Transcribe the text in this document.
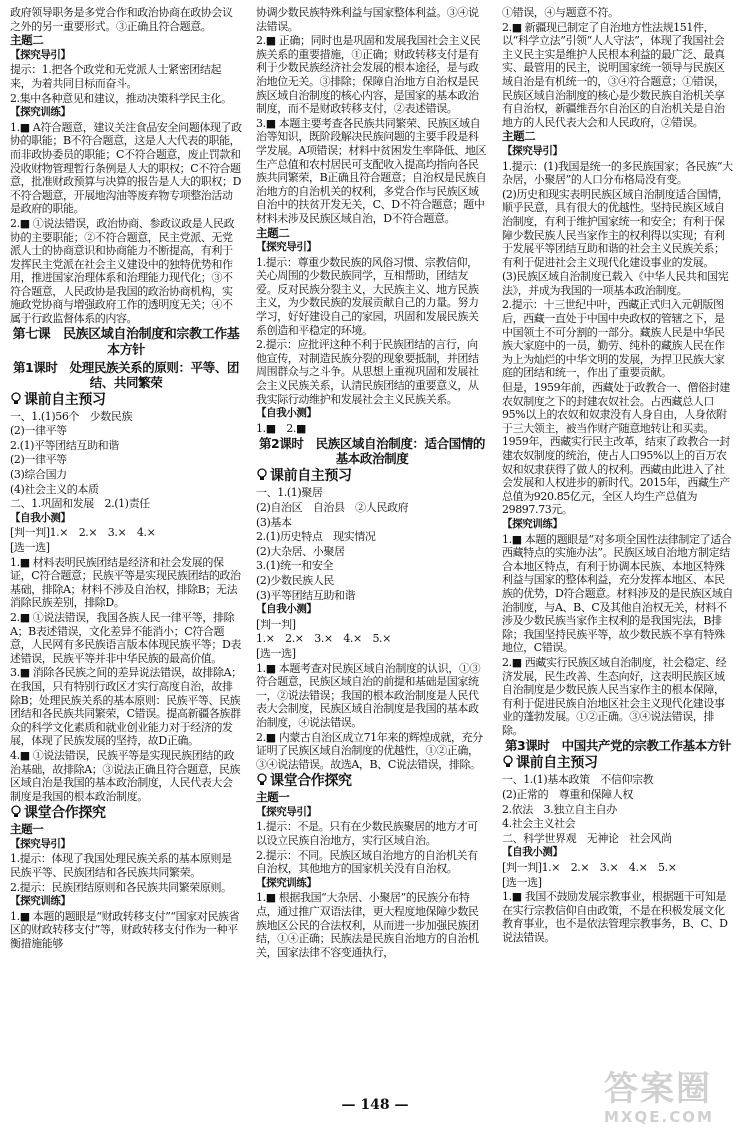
政府领导职务是多党合作和政治协商在政协会议之外的另一重要形式。③正确且符合题意。

主题二

【探究导引】

提示：1.把各个政党和无党派人士紧密团结起来，为着共同目标而奋斗。

2.集中各种意见和建议，推动决策科学民主化。

【探究训练】

1.■ A符合题意，建议关注食品安全问题体现了政协的职能；B不符合题意，这是人大代表的职能，而非政协委员的职能；C不符合题意，废止罚款和没收财物管理暂行条例是人大的职权；C不符合题意，批准财政预算与决算的报告是人大的职权；D不符合题意，开展地沟油等废弃物专项整治活动是政府的职能。

2.■ ①说法错误，政治协商、参政议政是人民政协的主要职能；②不符合题意，民主党派、无党派人士的协商意识和协商能力不断提高，有利于发挥民主党派在社会主义建设中的独特优势和作用，推进国家治理体系和治理能力现代化；③不符合题意，人民政协是我国的政治协商机构，实施政党协商与增强政府工作的透明度无关；④不属于行政监督体系的内容。

第七课　民族区域自治制度和宗教工作基本方针

第1课时　处理民族关系的原则：平等、团结、共同繁荣

课前自主预习

一、1.(1)56个　少数民族

(2)一律平等

2.(1)平等团结互助和谐

(2)一律平等

(3)综合国力

(4)社会主义的本质

二、1.巩固和发展　2.(1)责任

【自我小测】

[判一判]1.×　2.×　3.×　4.×

[选一选]

1.■ 材料表明民族团结是经济和社会发展的保证，C符合题意；民族平等是实现民族团结的政治基础，排除A；材料不涉及自治权，排除B；无法消除民族差别，排除D。

2.■ ①说法错误，我国各族人民一律平等，排除A；B表述错误，文化差异不能消小；C符合题意，人民网有多民族语言版本体现民族平等；D表述错误，民族平等并非中华民族的最高价值。

3.■ 消除各民族之间的差异说法错误，故排除A；在我国，只有特别行政区才实行高度自治，故排除B；处理民族关系的基本原则：民族平等、民族团结和各民族共同繁荣，C错误。提高新疆各族群众的科学文化素质和就业创业能力对于经济的发展，体现了民族发展的坚持，故D正确。

4.■ ①说法错误，民族平等是实现民族团结的政治基础，故排除A；③说法正确且符合题意，民族区域自治是我国的基本政治制度，人民代表大会制度是我国的根本政治制度。

课堂合作探究

主题一

【探究导引】

1.提示：体现了我国处理民族关系的基本原则是民族平等、民族团结和各民族共同繁荣。

2.提示：民族团结原则和各民族共同繁荣原则。

【探究训练】

1.■ 本题的题眼是“财政转移支付”“国家对民族省区的财政转移支付”等，财政转移支付作为一种平衡措施能够

协调少数民族特殊利益与国家整体利益。③④说法错误。

2.■ 正确；同时也是巩固和发展我国社会主义民族关系的重要措施，①正确；财政转移支付是有利于少数民族经济社会发展的根本途径，是与政治地位无关。③排除；保障自治地方自治权是民族区域自治制度的核心内容，是国家的基本政治制度，而不是财政转移支付，②表述错误。

3.■ 本题主要考查各民族共同繁荣、民族区域自治等知识，既阶段解决民族问题的主要手段是科学发展。A项错误；材料中贫困发生率降低、地区生产总值和农村居民可支配收入提高均指向各民族共同繁荣，B正确且符合题意；自治权是民族自治地方的自治机关的权利，多党合作与民族区域自治中的扶贫开发无关，C、D不符合题意；题中材料未涉及民族区域自治，D不符合题意。

主题二

【探究导引】

1.提示：尊重少数民族的风俗习惯、宗教信仰，关心周围的少数民族同学，互相帮助，团结友爱。反对民族分裂主义，大民族主义、地方民族主义，为少数民族的发展贡献自己的力量。努力学习，好好建设自己的家园，巩固和发展民族关系创造和平稳定的环境。

2.提示：应批评这种不利于民族团结的言行，向他宣传，对制造民族分裂的现象要抵制，并团结周围群众与之斗争。从思想上重视巩固和发展社会主义民族关系，认清民族团结的重要意义，从我实际行动维护和发展社会主义民族关系。

【自我小测】

1.■　2.■

第2课时　民族区域自治制度：适合国情的基本政治制度

课前自主预习

一、1.(1)聚居

(2)自治区　自治县　②人民政府

(3)基本

2.(1)历史特点　现实情况

(2)大杂居、小聚居

3.(1)统一和安全

(2)少数民族人民

(3)平等团结互助和谐

【自我小测】

[判一判]

1.×　2.×　3.×　4.×　5.×

[选一选]

1.■ 本题考查对民族区域自治制度的认识，①③符合题意，民族区域自治的前提和基础是国家统一，②说法错误；我国的根本政治制度是人民代表大会制度，民族区域自治制度是我国的基本政治制度，④说法错误。

2.■ 内蒙古自治区成立71年来的辉煌成就，充分证明了民族区域自治制度的优越性，①②正确，③④说法错误。故选A，B、C说法错误，排除。

课堂合作探究

主题一

【探究导引】

1.提示：不是。只有在少数民族聚居的地方才可以设立民族自治地方，实行区域自治。

2.提示：不同。民族区域自治地方的自治机关有自治权，其他地方的国家机关没有自治权。

【探究训练】

1.■ 根据我国“大杂居、小聚居”的民族分布特点，通过推广双语法律，更大程度地保障少数民族地区公民的合法权利，从而进一步加强民族团结，①④正确；民族法是民族自治地方的自治机关，国家法律不容变通执行，

①错误，④与题意不符。

2.■ 新疆现已制定了自治地方性法规151件，以“科学立法”引领“人人守法”，体现了我国社会主义民主实是维护人民根本利益的最广泛、最真实、最管用的民主，说明国家统一领导与民族区域自治是有机统一的，③④符合题意；①错误，民族区域自治制度的核心是少数民族自治机关享有自治权，新疆维吾尔自治区的自治机关是自治地方的人民代表大会和人民政府，②错误。

主题二

【探究导引】

1.提示：(1)我国是统一的多民族国家；各民族“大杂居，小聚居”的人口分布格局没有变。

(2)历史和现实表明民族区域自治制度适合国情，顺乎民意，具有很大的优越性。坚持民族区域自治制度，有利于维护国家统一和安全；有利于保障少数民族人民当家作主的权利得以实现；有利于发展平等团结互助和谐的社会主义民族关系；有利于促进社会主义现代化建设事业的发展。

(3)民族区域自治制度已载入《中华人民共和国宪法》，并成为我国的一项基本政治制度。

2.提示：十三世纪中叶，西藏正式归入元朝版图后，西藏一直处于中国中央政权的管辖之下，是中国领土不可分割的一部分。藏族人民是中华民族大家庭中的一员，勤劳、纯朴的藏族人民在作为上为灿烂的中华文明的发展，为捍卫民族大家庭的团结和统一，作出了重要贡献。

但是，1959年前，西藏处于政教合一、僧俗封建农奴制度之下的封建农奴社会。占西藏总人口95%以上的农奴和奴隶没有人身自由，人身依附于三大领主，被当作财产随意地转让和买卖。1959年，西藏实行民主改革，结束了政教合一封建农奴制度的统治，使占人口95%以上的百万农奴和奴隶获得了做人的权利。西藏由此进入了社会发展和人权进步的新时代。2015年，西藏生产总值为920.85亿元，全区人均生产总值为29897.73元。

【探究训练】

1.■ 本题的题眼是“对多项全国性法律制定了适合西藏特点的实施办法”。民族区域自治地方制定结合本地区特点，有利于协调本民族、本地区特殊利益与国家的整体利益，充分发挥本地区、本民族的优势，D符合题意。材料涉及的是民族区域自治制度，与A、B、C及其他自治权无关，材料不涉及少数民族当家作主权利的是我国宪法，B排除；我国坚持民族平等，故少数民族不享有特殊地位，C错误。

2.■ 西藏实行民族区域自治制度，社会稳定、经济发展，民生改善、生态向好，这表明民族区域自治制度是少数民族人民当家作主的根本保障，有利于促进民族自治地区社会主义现代化建设事业的蓬勃发展。①②正确。③④说法错误，排除。

第3课时　中国共产党的宗教工作基本方针

课前自主预习

一、1.(1)基本政策　不信仰宗教

(2)正常的　尊重和保障人权

2.依法　3.独立自主自办

4.社会主义社会

二、科学世界观　无神论　社会风尚

【自我小测】

[判一判]1.×　2.×　3.×　4.×　5.×

[选一选]

1.■ 我国不鼓励发展宗教事业，根据题干可知是在实行宗教信仰自由政策，不是在积极发展文化教育事业，也不是依法管理宗教事务，B、C、D说法错误。

— 148 —	答案圈
MXQE.COM
